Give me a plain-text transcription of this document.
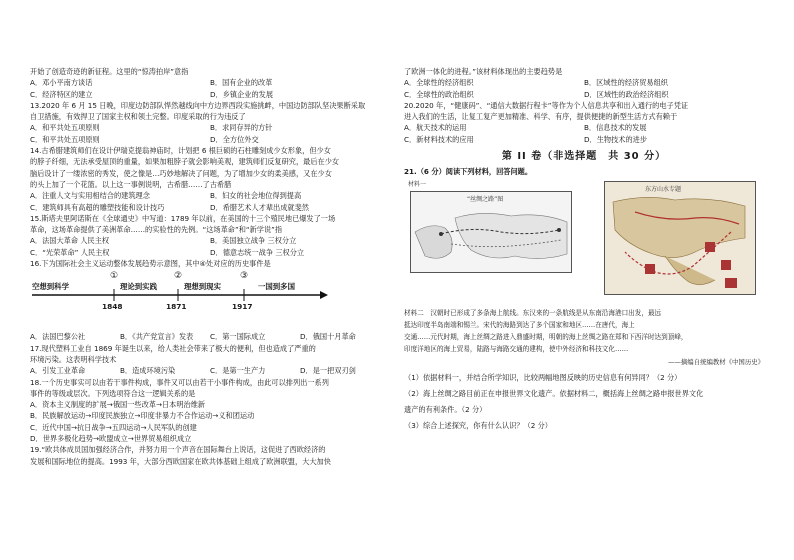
开始了创造奇迹的新征程。这里的“惊涛拍岸”意指
A．邓小平南方谈话	B．国有企业的改革
C．经济特区的建立	D．乡镇企业的发展
13.2020 年 6 月 15 日晚，印度边防部队悍然越线向中方边界西段实施挑衅，中国边防部队坚决果断采取
自卫措施，有效捍卫了国家主权和领土完整。印度采取的行为违反了
A．和平共处五项原则	B．求同存异的方针
C．和平共处五项原则	D．全方位外交
14.古希腊建筑师们在设计伊瑞克提翁神庙时，计划把 6 根巨硕的石柱雕刻成少女形象，但少女
的脖子纤细，无法承受屋顶的重量，如果加粗脖子就会影响美观，建筑师们反复研究，最后在少女
脑后设计了一缕浓密的秀发，使之像是…巧妙地解决了问题，为了增加少女的柔美感，又在少女
的头上加了一个花篮。以上这一事例说明，古希腊……了古希腊
A．注重人文与实用相结合的建筑理念	B．妇女的社会地位得到提高
C．建筑师具有高超的雕塑技能和设计技巧	D．希腊艺术人才辈出成就斐然
15.斯塔夫里阿诺斯在《全球通史》中写道：1789 年以前，在美国的十三个殖民地已爆发了一场
革命，这场革命提供了美洲革命……的实验性的先例。“这场革命”和“新学说”指
A．法国大革命 人民主权	B．美国独立战争 三权分立
C．“光荣革命” 人民主权	D．德意志统一战争 三权分立
16.下为国际社会主义运动整体发展趋势示意图，其中④处对应的历史事件是
空想到科学	理论到实践	理想到现实	一国到多国
①	②	③
1848	1871	1917
A．法国巴黎公社	B．《共产党宣言》发表	C．第一国际成立	D．俄国十月革命
17.现代塑料工业自 1869 年诞生以来，给人类社会带来了极大的便利，但也造成了严重的
环境污染。这表明科学技术
A．引发工业革命	B．造成环境污染	C．是第一生产力	D．是一把双刃剑
18.一个历史事实可以由若干事件构成，事件又可以由若干小事件构成，由此可以排列出一系列
事件的等级或层次。下列选项符合这一逻辑关系的是
A．资本主义制度的扩展→俄国一些改革→日本明治维新
B．民族解放运动→印度民族独立→印度非暴力不合作运动→义和团运动
C．近代中国→抗日战争→五四运动→人民军队的创建
D．世界多极化趋势→欧盟成立→世界贸易组织成立
19.“欧共体成员国加强经济合作，并努力用一个声音在国际舞台上说话，这促进了西欧经济的
发展和国际地位的提高。1993 年，大部分西欧国家在欧共体基础上组成了欧洲联盟，大大加快
了欧洲一体化的进程。”该材料体现出的主要趋势是
A．全球性的经济组织	B．区域性的经济贸易组织
C．全球性的政治组织	D．区域性的政治经济组织
20.2020 年，“健康码”、“通信大数据行程卡”等作为个人信息共享和出入通行的电子凭证
进入我们的生活，让复工复产更加精准、科学、有序，提供便捷的新型生活方式有赖于
A．航天技术的运用	B．信息技术的发展
C．新材料技术的应用	D．生物技术的进步
第 II 卷（非选择题　共 30 分）
21.（6 分）阅读下列材料，回答问题。
材料一
“丝绸之路”图
东方山水专题
材料二　汉朝时已形成了多条海上航线。东汉来的一条航线是从东南沿海港口出发，最远
抵达印度半岛南端和锡兰。宋代的海路到达了多个国家和地区……在唐代，海上
交通……元代时期，海上丝绸之路进入鼎盛时期，明朝的海上丝绸之路在郑和下西洋时达到顶峰，
印度洋地区的海上贸易，陆路与海路交通的建构，使中外经济和科技文化……
——摘编自统编教材《中国历史》
（1）依据材料一，并结合所学知识，比较两幅地图反映的历史信息有何异同？（2 分）
（2）海上丝绸之路目前正在申报世界文化遗产。依据材料二，概括海上丝绸之路申报世界文化
遗产的有利条件。（2 分）
（3）综合上述探究，你有什么认识？（2 分）
